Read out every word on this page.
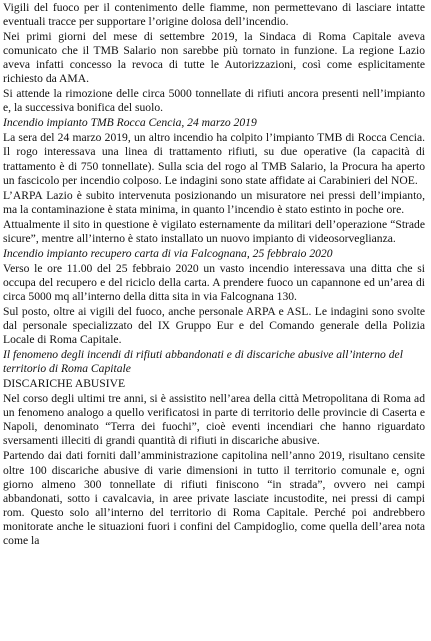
Vigili del fuoco per il contenimento delle fiamme, non permettevano di lasciare intatte eventuali tracce per supportare l’origine dolosa dell’incendio.

Nei primi giorni del mese di settembre 2019, la Sindaca di Roma Capitale aveva comunicato che il TMB Salario non sarebbe più tornato in funzione. La regione Lazio aveva infatti concesso la revoca di tutte le Autorizzazioni, così come esplicitamente richiesto da AMA.

Si attende la rimozione delle circa 5000 tonnellate di rifiuti ancora presenti nell’impianto e, la successiva bonifica del suolo.

Incendio impianto TMB Rocca Cencia, 24 marzo 2019

La sera del 24 marzo 2019, un altro incendio ha colpito l’impianto TMB di Rocca Cencia. Il rogo interessava una linea di trattamento rifiuti, su due operative (la capacità di trattamento è di 750 tonnellate). Sulla scia del rogo al TMB Salario, la Procura ha aperto un fascicolo per incendio colposo. Le indagini sono state affidate ai Carabinieri del NOE.

L’ARPA Lazio è subito intervenuta posizionando un misuratore nei pressi dell’impianto, ma la contaminazione è stata minima, in quanto l’incendio è stato estinto in poche ore.

Attualmente il sito in questione è vigilato esternamente da militari dell’operazione “Strade sicure”, mentre all’interno è stato installato un nuovo impianto di videosorveglianza.

Incendio impianto recupero carta di via Falcognana, 25 febbraio 2020

Verso le ore 11.00 del 25 febbraio 2020 un vasto incendio interessava una ditta che si occupa del recupero e del riciclo della carta. A prendere fuoco un capannone ed un’area di circa 5000 mq all’interno della ditta sita in via Falcognana 130.

Sul posto, oltre ai vigili del fuoco, anche personale ARPA e ASL. Le indagini sono svolte dal personale specializzato del IX Gruppo Eur e del Comando generale della Polizia Locale di Roma Capitale.

Il fenomeno degli incendi di rifiuti abbandonati e di discariche abusive all’interno del territorio di Roma Capitale

DISCARICHE ABUSIVE

Nel corso degli ultimi tre anni, si è assistito nell’area della città Metropolitana di Roma ad un fenomeno analogo a quello verificatosi in parte di territorio delle provincie di Caserta e Napoli, denominato “Terra dei fuochi”, cioè eventi incendiari che hanno riguardato sversamenti illeciti di grandi quantità di rifiuti in discariche abusive.

Partendo dai dati forniti dall’amministrazione capitolina nell’anno 2019, risultano censite oltre 100 discariche abusive di varie dimensioni in tutto il territorio comunale e, ogni giorno almeno 300 tonnellate di rifiuti finiscono “in strada”, ovvero nei campi abbandonati, sotto i cavalcavia, in aree private lasciate incustodite, nei pressi di campi rom. Questo solo all’interno del territorio di Roma Capitale. Perché poi andrebbero monitorate anche le situazioni fuori i confini del Campidoglio, come quella dell’area nota come la
